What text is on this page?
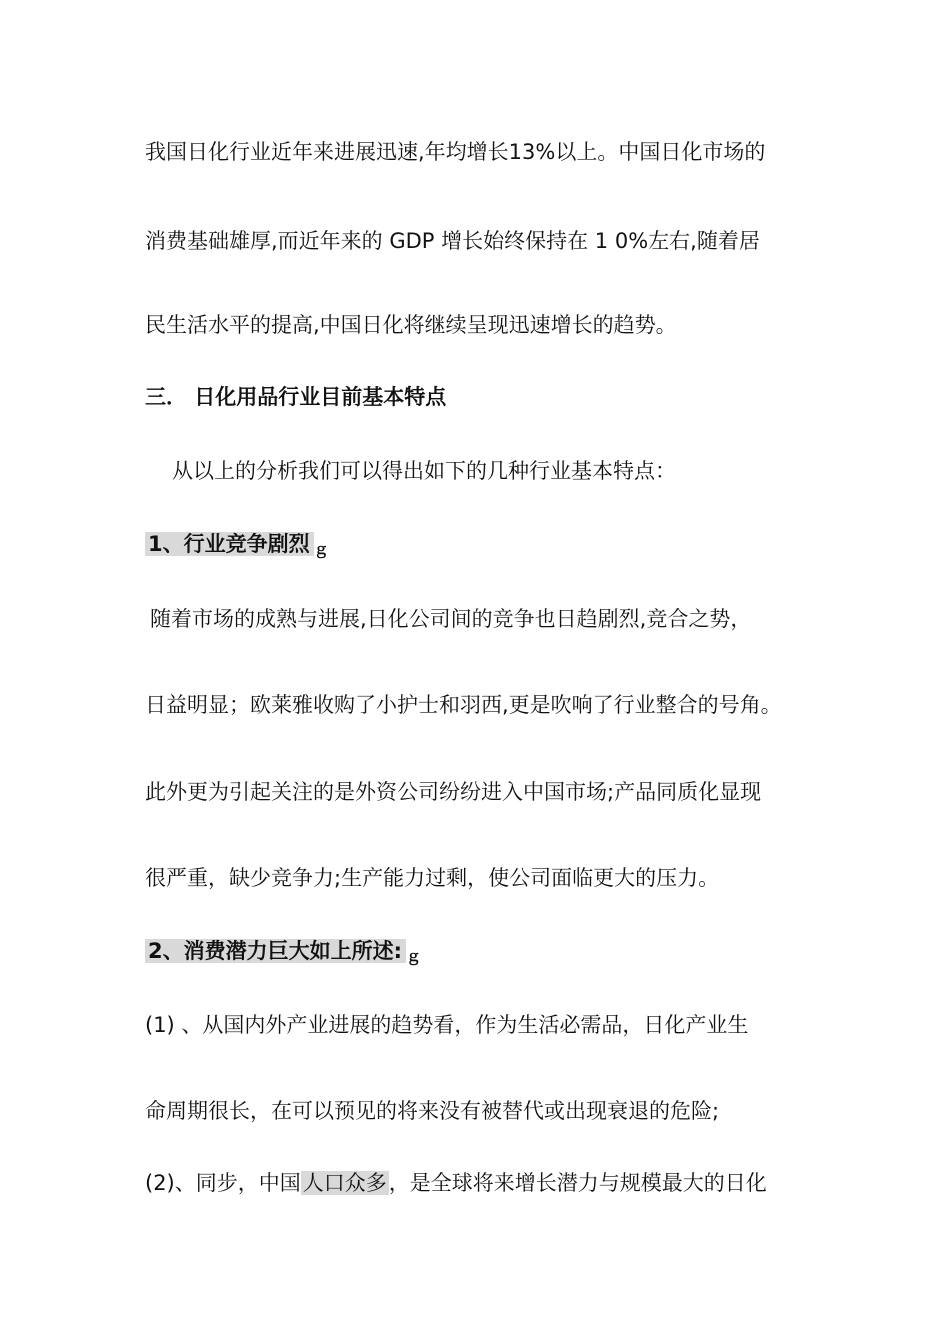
我国日化行业近年来进展迅速,年均增长13%以上。中国日化市场的
消费基础雄厚,而近年来的 GDP 增长始终保持在 1 0%左右,随着居
民生活水平的提高,中国日化将继续呈现迅速增长的趋势。
三． 日化用品行业目前基本特点
从以上的分析我们可以得出如下的几种行业基本特点：
1、行业竞争剧烈 ｇ
随着市场的成熟与进展,日化公司间的竞争也日趋剧烈,竞合之势，
日益明显；欧莱雅收购了小护士和羽西,更是吹响了行业整合的号角。
此外更为引起关注的是外资公司纷纷进入中国市场;产品同质化显现
很严重，缺少竞争力;生产能力过剩，使公司面临更大的压力。
2、消费潜力巨大如上所述: ｇ
(1) 、从国内外产业进展的趋势看，作为生活必需品，日化产业生
命周期很长，在可以预见的将来没有被替代或出现衰退的危险;
(2)、同步，中国人口众多，是全球将来增长潜力与规模最大的日化
